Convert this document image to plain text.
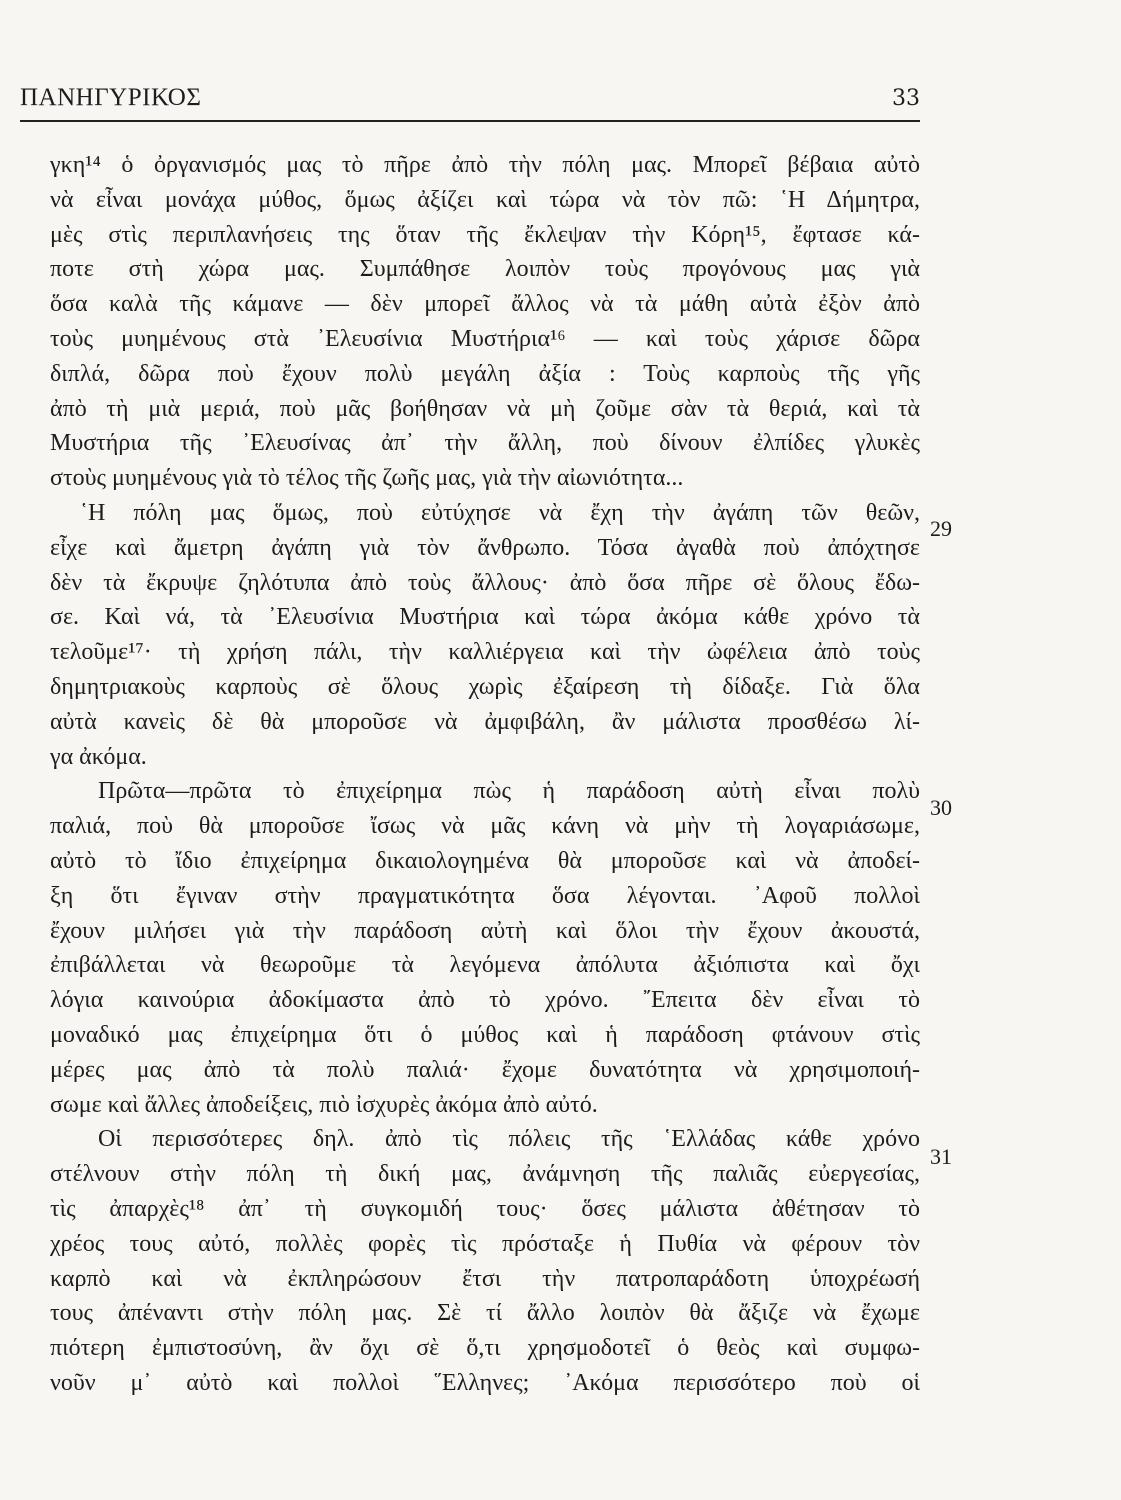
ΠΑΝΗΓΥΡΙΚΟΣ	33
γκη¹⁴ ὁ ὀργανισμός μας τὸ πῆρε ἀπὸ τὴν πόλη μας. Μπορεῖ βέβαια αὐτὸ
νὰ εἶναι μονάχα μύθος, ὅμως ἀξίζει καὶ τώρα νὰ τὸν πῶ: ῾Η Δήμητρα,
μὲς στὶς περιπλανήσεις της ὅταν τῆς ἔκλεψαν τὴν Κόρη¹⁵, ἔφτασε κά-
ποτε στὴ χώρα μας. Συμπάθησε λοιπὸν τοὺς προγόνους μας γιὰ
ὅσα καλὰ τῆς κάμανε — δὲν μπορεῖ ἄλλος νὰ τὰ μάθη αὐτὰ ἐξὸν ἀπὸ
τοὺς μυημένους στὰ ᾿Ελευσίνια Μυστήρια¹⁶ — καὶ τοὺς χάρισε δῶρα
διπλά, δῶρα ποὺ ἔχουν πολὺ μεγάλη ἀξία : Τοὺς καρποὺς τῆς γῆς
ἀπὸ τὴ μιὰ μεριά, ποὺ μᾶς βοήθησαν νὰ μὴ ζοῦμε σὰν τὰ θεριά, καὶ τὰ
Μυστήρια τῆς ᾿Ελευσίνας ἀπ᾿ τὴν ἄλλη, ποὺ δίνουν ἐλπίδες γλυκὲς
στοὺς μυημένους γιὰ τὸ τέλος τῆς ζωῆς μας, γιὰ τὴν αἰωνιότητα...
῾Η πόλη μας ὅμως, ποὺ εὐτύχησε νὰ ἔχη τὴν ἀγάπη τῶν θεῶν,
εἶχε καὶ ἄμετρη ἀγάπη γιὰ τὸν ἄνθρωπο. Τόσα ἀγαθὰ ποὺ ἀπόχτησε
δὲν τὰ ἔκρυψε ζηλότυπα ἀπὸ τοὺς ἄλλους· ἀπὸ ὅσα πῆρε σὲ ὅλους ἔδω-
σε. Καὶ νά, τὰ ᾿Ελευσίνια Μυστήρια καὶ τώρα ἀκόμα κάθε χρόνο τὰ
τελοῦμε¹⁷· τὴ χρήση πάλι, τὴν καλλιέργεια καὶ τὴν ὠφέλεια ἀπὸ τοὺς
δημητριακοὺς καρποὺς σὲ ὅλους χωρὶς ἐξαίρεση τὴ δίδαξε. Γιὰ ὅλα
αὐτὰ κανεὶς δὲ θὰ μποροῦσε νὰ ἀμφιβάλη, ἂν μάλιστα προσθέσω λί-
γα ἀκόμα.
Πρῶτα—πρῶτα τὸ ἐπιχείρημα πὼς ἡ παράδοση αὐτὴ εἶναι πολὺ
παλιά, ποὺ θὰ μποροῦσε ἴσως νὰ μᾶς κάνη νὰ μὴν τὴ λογαριάσωμε,
αὐτὸ τὸ ἴδιο ἐπιχείρημα δικαιολογημένα θὰ μποροῦσε καὶ νὰ ἀποδεί-
ξη ὅτι ἔγιναν στὴν πραγματικότητα ὅσα λέγονται. ᾿Αφοῦ πολλοὶ
ἔχουν μιλήσει γιὰ τὴν παράδοση αὐτὴ καὶ ὅλοι τὴν ἔχουν ἀκουστά,
ἐπιβάλλεται νὰ θεωροῦμε τὰ λεγόμενα ἀπόλυτα ἀξιόπιστα καὶ ὄχι
λόγια καινούρια ἀδοκίμαστα ἀπὸ τὸ χρόνο. ῎Επειτα δὲν εἶναι τὸ
μοναδικό μας ἐπιχείρημα ὅτι ὁ μύθος καὶ ἡ παράδοση φτάνουν στὶς
μέρες μας ἀπὸ τὰ πολὺ παλιά· ἔχομε δυνατότητα νὰ χρησιμοποιή-
σωμε καὶ ἄλλες ἀποδείξεις, πιὸ ἰσχυρὲς ἀκόμα ἀπὸ αὐτό.
Οἱ περισσότερες δηλ. ἀπὸ τὶς πόλεις τῆς ῾Ελλάδας κάθε χρόνο
στέλνουν στὴν πόλη τὴ δική μας, ἀνάμνηση τῆς παλιᾶς εὐεργεσίας,
τὶς ἀπαρχὲς¹⁸ ἀπ᾿ τὴ συγκομιδή τους· ὅσες μάλιστα ἀθέτησαν τὸ
χρέος τους αὐτό, πολλὲς φορὲς τὶς πρόσταξε ἡ Πυθία νὰ φέρουν τὸν
καρπὸ καὶ νὰ ἐκπληρώσουν ἔτσι τὴν πατροπαράδοτη ὑποχρέωσή
τους ἀπέναντι στὴν πόλη μας. Σὲ τί ἄλλο λοιπὸν θὰ ἄξιζε νὰ ἔχωμε
πιότερη ἐμπιστοσύνη, ἂν ὄχι σὲ ὅ,τι χρησμοδοτεῖ ὁ θεὸς καὶ συμφω-
νοῦν μ᾿ αὐτὸ καὶ πολλοὶ ῞Ελληνες; ᾿Ακόμα περισσότερο ποὺ οἱ
29
30
31
